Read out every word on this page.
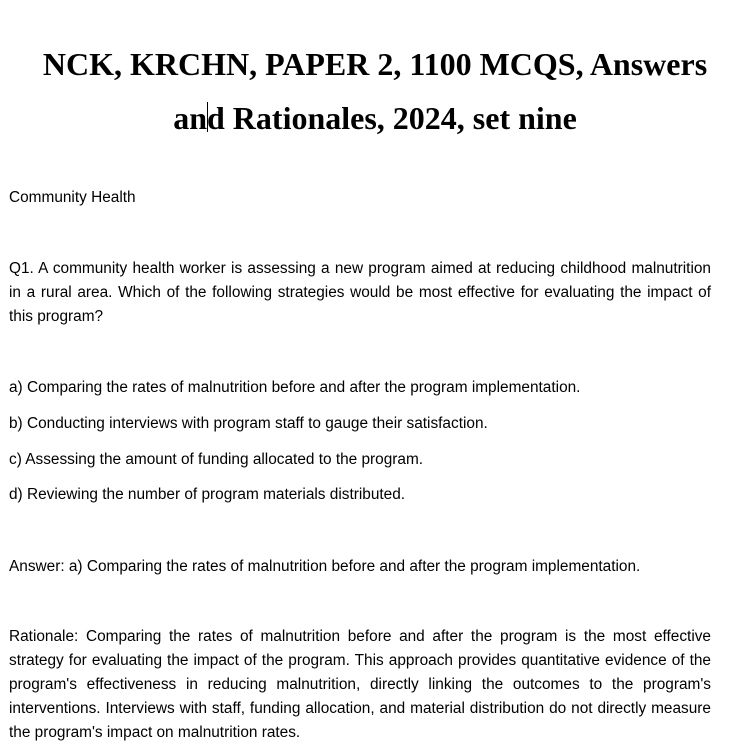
NCK, KRCHN, PAPER 2, 1100 MCQS, Answers
and Rationales, 2024, set nine

Community Health

Q1. A community health worker is assessing a new program aimed at reducing childhood malnutrition in a rural area. Which of the following strategies would be most effective for evaluating the impact of this program?

a) Comparing the rates of malnutrition before and after the program implementation.

b) Conducting interviews with program staff to gauge their satisfaction.

c) Assessing the amount of funding allocated to the program.

d) Reviewing the number of program materials distributed.

Answer: a) Comparing the rates of malnutrition before and after the program implementation.

Rationale: Comparing the rates of malnutrition before and after the program is the most effective strategy for evaluating the impact of the program. This approach provides quantitative evidence of the program's effectiveness in reducing malnutrition, directly linking the outcomes to the program's interventions. Interviews with staff, funding allocation, and material distribution do not directly measure the program's impact on malnutrition rates.
